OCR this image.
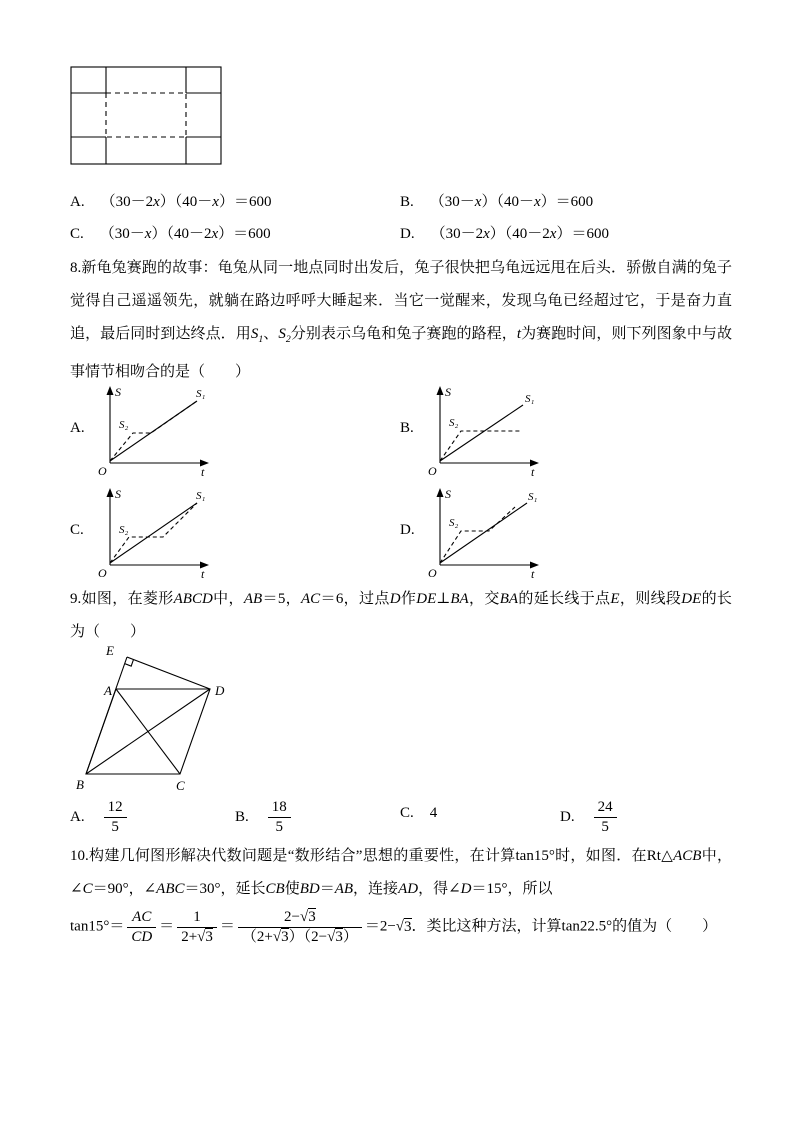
A. （30－2x）（40－x）＝600	B. （30－x）（40－x）＝600
C. （30－x）（40－2x）＝600	D. （30－2x）（40－2x）＝600
8.新龟兔赛跑的故事：龟兔从同一地点同时出发后，兔子很快把乌龟远远甩在后头．骄傲自满的兔子觉得自己遥遥领先，就躺在路边呼呼大睡起来．当它一觉醒来，发现乌龟已经超过它，于是奋力直追，最后同时到达终点．用$S_1$、$S_2$分别表示乌龟和兔子赛跑的路程，t为赛跑时间，则下列图象中与故事情节相吻合的是（　　）
A.	B.
C.	D.
S
t
O
S₁
S₂
S
t
O
S₁
S₂
S
t
O
S₁
S₂
S
t
O
S₁
S₂
9.如图，在菱形ABCD中，AB＝5，AC＝6，过点D作DE⊥BA，交BA的延长线于点E，则线段DE的长为（　　）
E
A	D
B	C
A. $\frac{12}{5}$	B. $\frac{18}{5}$	C. 4	D. $\frac{24}{5}$
10.构建几何图形解决代数问题是“数形结合”思想的重要性，在计算tan15°时，如图．在Rt△ACB中，∠C＝90°，∠ABC＝30°，延长CB使BD＝AB，连接AD，得∠D＝15°，所以
$\tan 15^\circ= \frac{AC}{CD} = \frac{1}{2+√3} = \frac{2-√3}{(2+√3)(2-√3)} =2-√3$．类比这种方法，计算tan22.5°的值为（　　）
